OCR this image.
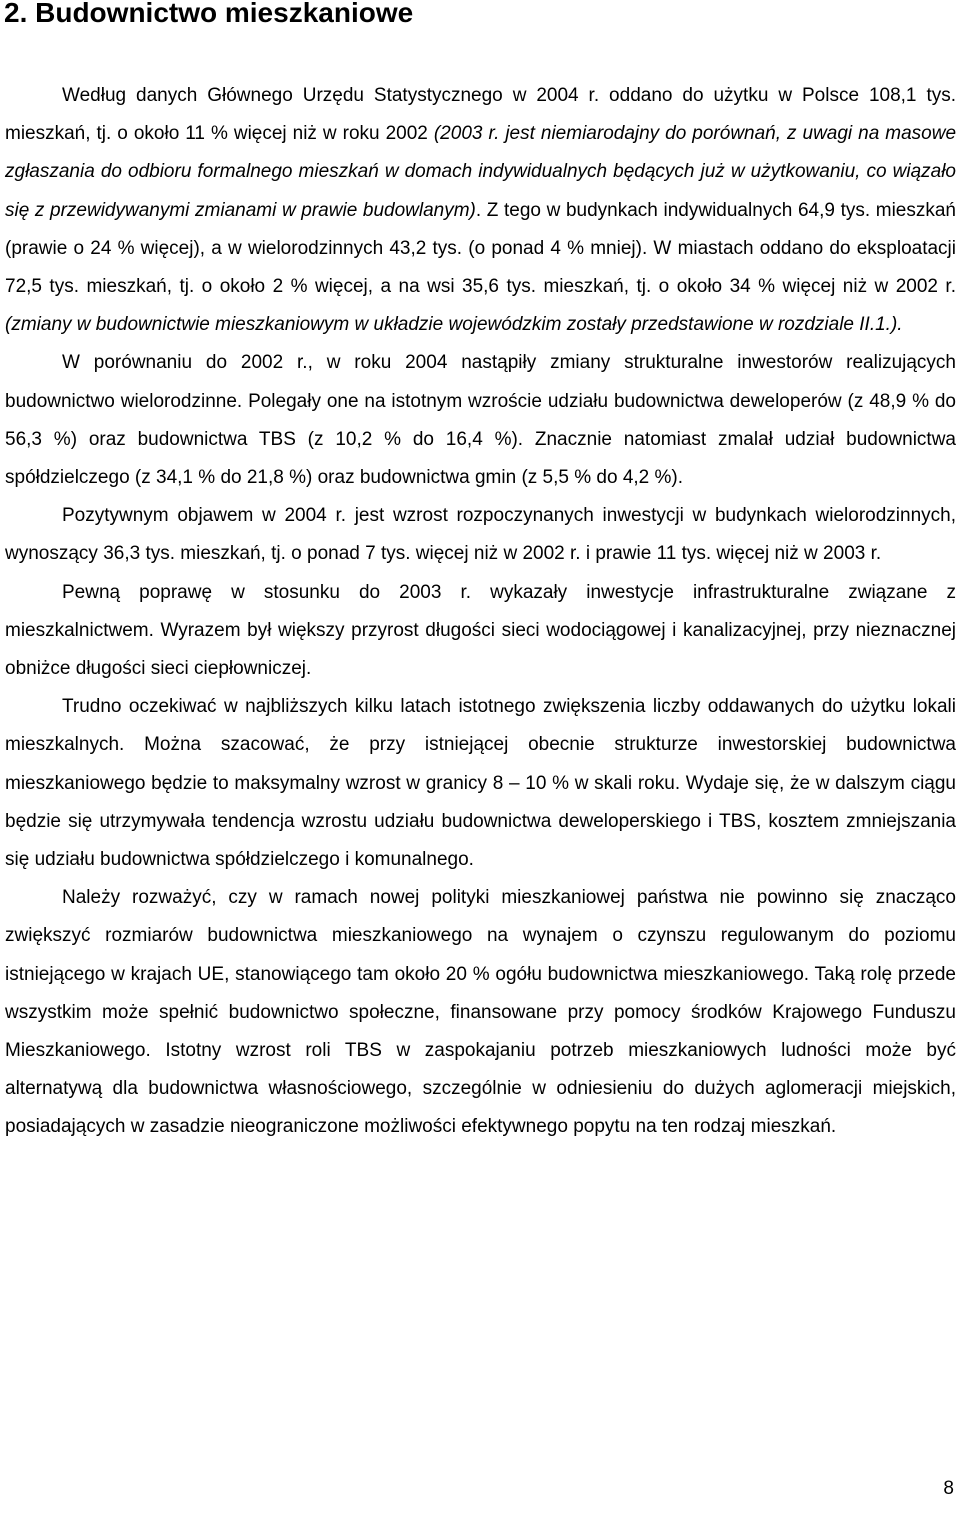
2. Budownictwo mieszkaniowe

Według danych Głównego Urzędu Statystycznego w 2004 r. oddano do użytku w Polsce 108,1 tys. mieszkań, tj. o około 11 % więcej niż w roku 2002 (2003 r. jest niemiarodajny do porównań, z uwagi na masowe zgłaszania do odbioru formalnego mieszkań w domach indywidualnych będących już w użytkowaniu, co wiązało się z przewidywanymi zmianami w prawie budowlanym). Z tego w budynkach indywidualnych 64,9 tys. mieszkań (prawie o 24 % więcej), a w wielorodzinnych 43,2 tys. (o ponad 4 % mniej). W miastach oddano do eksploatacji 72,5 tys. mieszkań, tj. o około 2 % więcej, a na wsi 35,6 tys. mieszkań, tj. o około 34 % więcej niż w 2002 r. (zmiany w budownictwie mieszkaniowym w układzie wojewódzkim zostały przedstawione w rozdziale II.1.).

W porównaniu do 2002 r., w roku 2004 nastąpiły zmiany strukturalne inwestorów realizujących budownictwo wielorodzinne. Polegały one na istotnym wzroście udziału budownictwa deweloperów (z 48,9 % do 56,3 %) oraz budownictwa TBS (z 10,2 % do 16,4 %). Znacznie natomiast zmalał udział budownictwa spółdzielczego (z 34,1 % do 21,8 %) oraz budownictwa gmin (z 5,5 % do 4,2 %).

Pozytywnym objawem w 2004 r. jest wzrost rozpoczynanych inwestycji w budynkach wielorodzinnych, wynoszący 36,3 tys. mieszkań, tj. o ponad 7 tys. więcej niż w 2002 r. i prawie 11 tys. więcej niż w 2003 r.

Pewną poprawę w stosunku do 2003 r. wykazały inwestycje infrastrukturalne związane z mieszkalnictwem. Wyrazem był większy przyrost długości sieci wodociągowej i kanalizacyjnej, przy nieznacznej obniżce długości sieci ciepłowniczej.

Trudno oczekiwać w najbliższych kilku latach istotnego zwiększenia liczby oddawanych do użytku lokali mieszkalnych. Można szacować, że przy istniejącej obecnie strukturze inwestorskiej budownictwa mieszkaniowego będzie to maksymalny wzrost w granicy 8 – 10 % w skali roku. Wydaje się, że w dalszym ciągu będzie się utrzymywała tendencja wzrostu udziału budownictwa deweloperskiego i TBS, kosztem zmniejszania się udziału budownictwa spółdzielczego i komunalnego.

Należy rozważyć, czy w ramach nowej polityki mieszkaniowej państwa nie powinno się znacząco zwiększyć rozmiarów budownictwa mieszkaniowego na wynajem o czynszu regulowanym do poziomu istniejącego w krajach UE, stanowiącego tam około 20 % ogółu budownictwa mieszkaniowego. Taką rolę przede wszystkim może spełnić budownictwo społeczne, finansowane przy pomocy środków Krajowego Funduszu Mieszkaniowego. Istotny wzrost roli TBS w zaspokajaniu potrzeb mieszkaniowych ludności może być alternatywą dla budownictwa własnościowego, szczególnie w odniesieniu do dużych aglomeracji miejskich, posiadających w zasadzie nieograniczone możliwości efektywnego popytu na ten rodzaj mieszkań.

8
